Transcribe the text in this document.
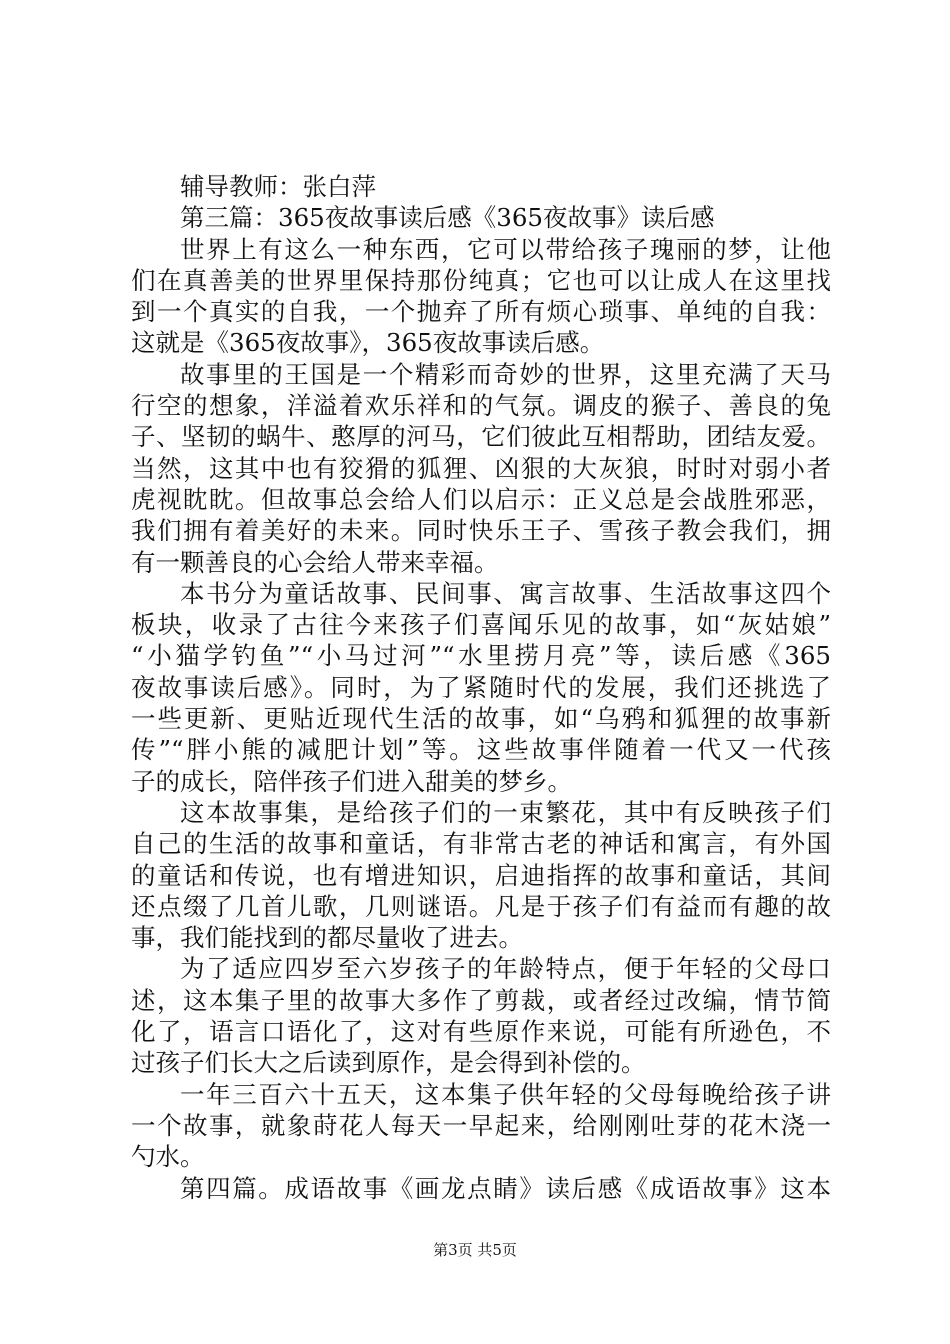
辅导教师：张白萍
第三篇：365夜故事读后感《365夜故事》读后感
世界上有这么一种东西，它可以带给孩子瑰丽的梦，让他
们在真善美的世界里保持那份纯真；它也可以让成人在这里找
到一个真实的自我，一个抛弃了所有烦心琐事、单纯的自我：
这就是《365夜故事》，365夜故事读后感。
故事里的王国是一个精彩而奇妙的世界，这里充满了天马
行空的想象，洋溢着欢乐祥和的气氛。调皮的猴子、善良的兔
子、坚韧的蜗牛、憨厚的河马，它们彼此互相帮助，团结友爱。
当然，这其中也有狡猾的狐狸、凶狠的大灰狼，时时对弱小者
虎视眈眈。但故事总会给人们以启示：正义总是会战胜邪恶，
我们拥有着美好的未来。同时快乐王子、雪孩子教会我们，拥
有一颗善良的心会给人带来幸福。
本书分为童话故事、民间事、寓言故事、生活故事这四个
板块，收录了古往今来孩子们喜闻乐见的故事，如“灰姑娘”
“小猫学钓鱼”“小马过河”“水里捞月亮”等，读后感《365
夜故事读后感》。同时，为了紧随时代的发展，我们还挑选了
一些更新、更贴近现代生活的故事，如“乌鸦和狐狸的故事新
传”“胖小熊的减肥计划”等。这些故事伴随着一代又一代孩
子的成长，陪伴孩子们进入甜美的梦乡。
这本故事集，是给孩子们的一束繁花，其中有反映孩子们
自己的生活的故事和童话，有非常古老的神话和寓言，有外国
的童话和传说，也有增进知识，启迪指挥的故事和童话，其间
还点缀了几首儿歌，几则谜语。凡是于孩子们有益而有趣的故
事，我们能找到的都尽量收了进去。
为了适应四岁至六岁孩子的年龄特点，便于年轻的父母口
述，这本集子里的故事大多作了剪裁，或者经过改编，情节简
化了，语言口语化了，这对有些原作来说，可能有所逊色，不
过孩子们长大之后读到原作，是会得到补偿的。
一年三百六十五天，这本集子供年轻的父母每晚给孩子讲
一个故事，就象莳花人每天一早起来，给刚刚吐芽的花木浇一
勺水。
第四篇。成语故事《画龙点睛》读后感《成语故事》这本
第3页 共5页
